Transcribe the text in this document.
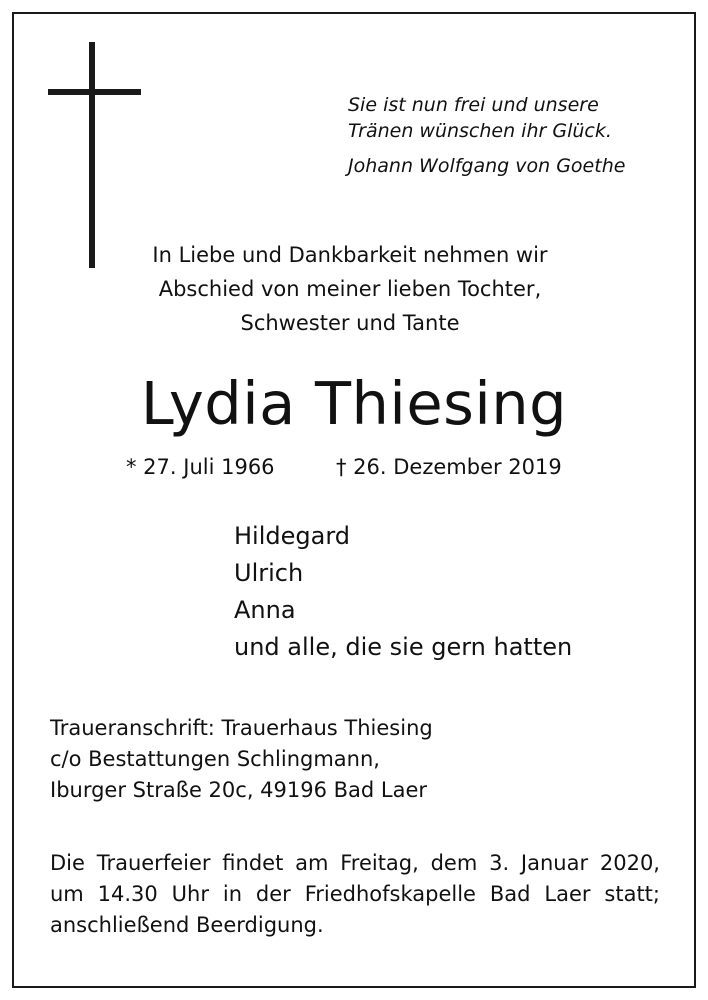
Sie ist nun frei und unsere
Tränen wünschen ihr Glück.
Johann Wolfgang von Goethe
In Liebe und Dankbarkeit nehmen wir
Abschied von meiner lieben Tochter,
Schwester und Tante
Lydia Thiesing
* 27. Juli 1966	† 26. Dezember 2019
Hildegard
Ulrich
Anna
und alle, die sie gern hatten
Traueranschrift: Trauerhaus Thiesing
c/o Bestattungen Schlingmann,
Iburger Straße 20c, 49196 Bad Laer
Die Trauerfeier findet am Freitag, dem 3. Januar 2020,
um 14.30 Uhr in der Friedhofskapelle Bad Laer statt;
anschließend Beerdigung.
